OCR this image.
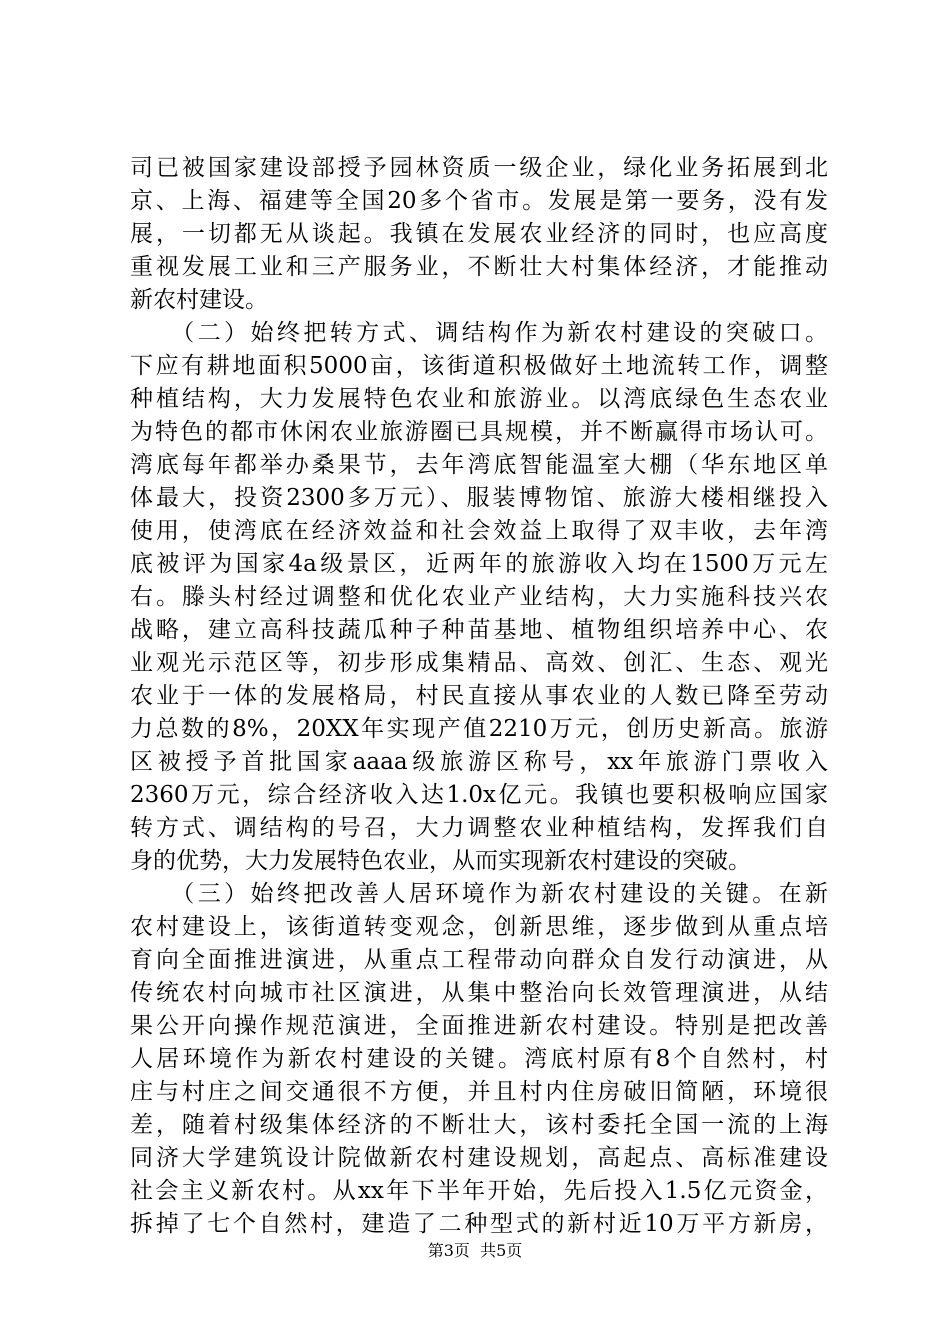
司已被国家建设部授予园林资质一级企业，绿化业务拓展到北
京、上海、福建等全国20多个省市。发展是第一要务，没有发
展，一切都无从谈起。我镇在发展农业经济的同时，也应高度
重视发展工业和三产服务业，不断壮大村集体经济，才能推动
新农村建设。
　　（二）始终把转方式、调结构作为新农村建设的突破口。
下应有耕地面积5000亩，该街道积极做好土地流转工作，调整
种植结构，大力发展特色农业和旅游业。以湾底绿色生态农业
为特色的都市休闲农业旅游圈已具规模，并不断赢得市场认可。
湾底每年都举办桑果节，去年湾底智能温室大棚（华东地区单
体最大，投资2300多万元）、服装博物馆、旅游大楼相继投入
使用，使湾底在经济效益和社会效益上取得了双丰收，去年湾
底被评为国家4a级景区，近两年的旅游收入均在1500万元左
右。滕头村经过调整和优化农业产业结构，大力实施科技兴农
战略，建立高科技蔬瓜种子种苗基地、植物组织培养中心、农
业观光示范区等，初步形成集精品、高效、创汇、生态、观光
农业于一体的发展格局，村民直接从事农业的人数已降至劳动
力总数的8%，20XX年实现产值2210万元，创历史新高。旅游
区被授予首批国家aaaa级旅游区称号，xx年旅游门票收入
2360万元，综合经济收入达1.0x亿元。我镇也要积极响应国家
转方式、调结构的号召，大力调整农业种植结构，发挥我们自
身的优势，大力发展特色农业，从而实现新农村建设的突破。
　　（三）始终把改善人居环境作为新农村建设的关键。在新
农村建设上，该街道转变观念，创新思维，逐步做到从重点培
育向全面推进演进，从重点工程带动向群众自发行动演进，从
传统农村向城市社区演进，从集中整治向长效管理演进，从结
果公开向操作规范演进，全面推进新农村建设。特别是把改善
人居环境作为新农村建设的关键。湾底村原有8个自然村，村
庄与村庄之间交通很不方便，并且村内住房破旧简陋，环境很
差，随着村级集体经济的不断壮大，该村委托全国一流的上海
同济大学建筑设计院做新农村建设规划，高起点、高标准建设
社会主义新农村。从xx年下半年开始，先后投入1.5亿元资金，
拆掉了七个自然村，建造了二种型式的新村近10万平方新房，
第3页  共5页
